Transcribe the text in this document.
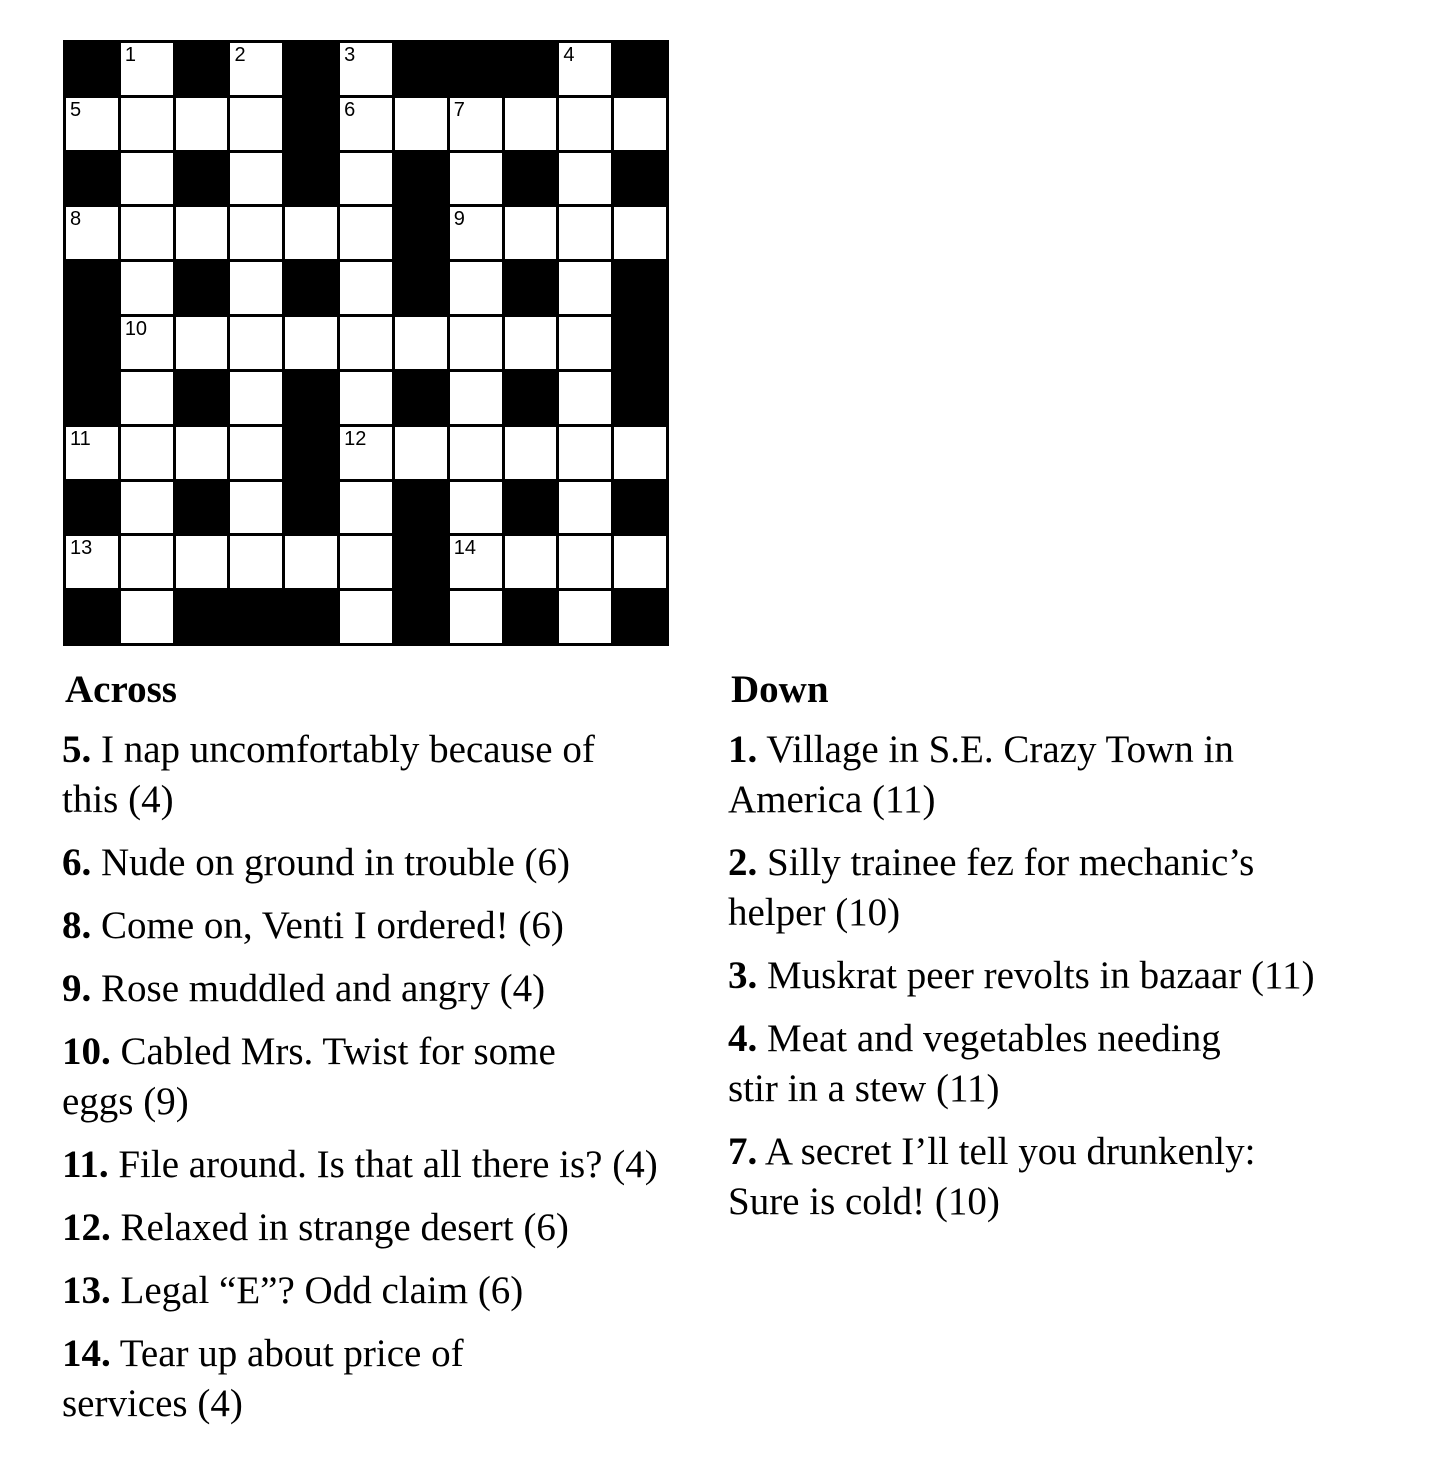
1	2	3	4
5	6	7
8	9
10
11	12
13	14
Across

5. I nap uncomfortably because of
this (4)

6. Nude on ground in trouble (6)

8. Come on, Venti I ordered! (6)

9. Rose muddled and angry (4)

10. Cabled Mrs. Twist for some
eggs (9)

11. File around. Is that all there is? (4)

12. Relaxed in strange desert (6)

13. Legal “E”? Odd claim (6)

14. Tear up about price of
services (4)

Down

1. Village in S.E. Crazy Town in
America (11)

2. Silly trainee fez for mechanic’s
helper (10)

3. Muskrat peer revolts in bazaar (11)

4. Meat and vegetables needing
stir in a stew (11)

7. A secret I’ll tell you drunkenly:
Sure is cold! (10)
